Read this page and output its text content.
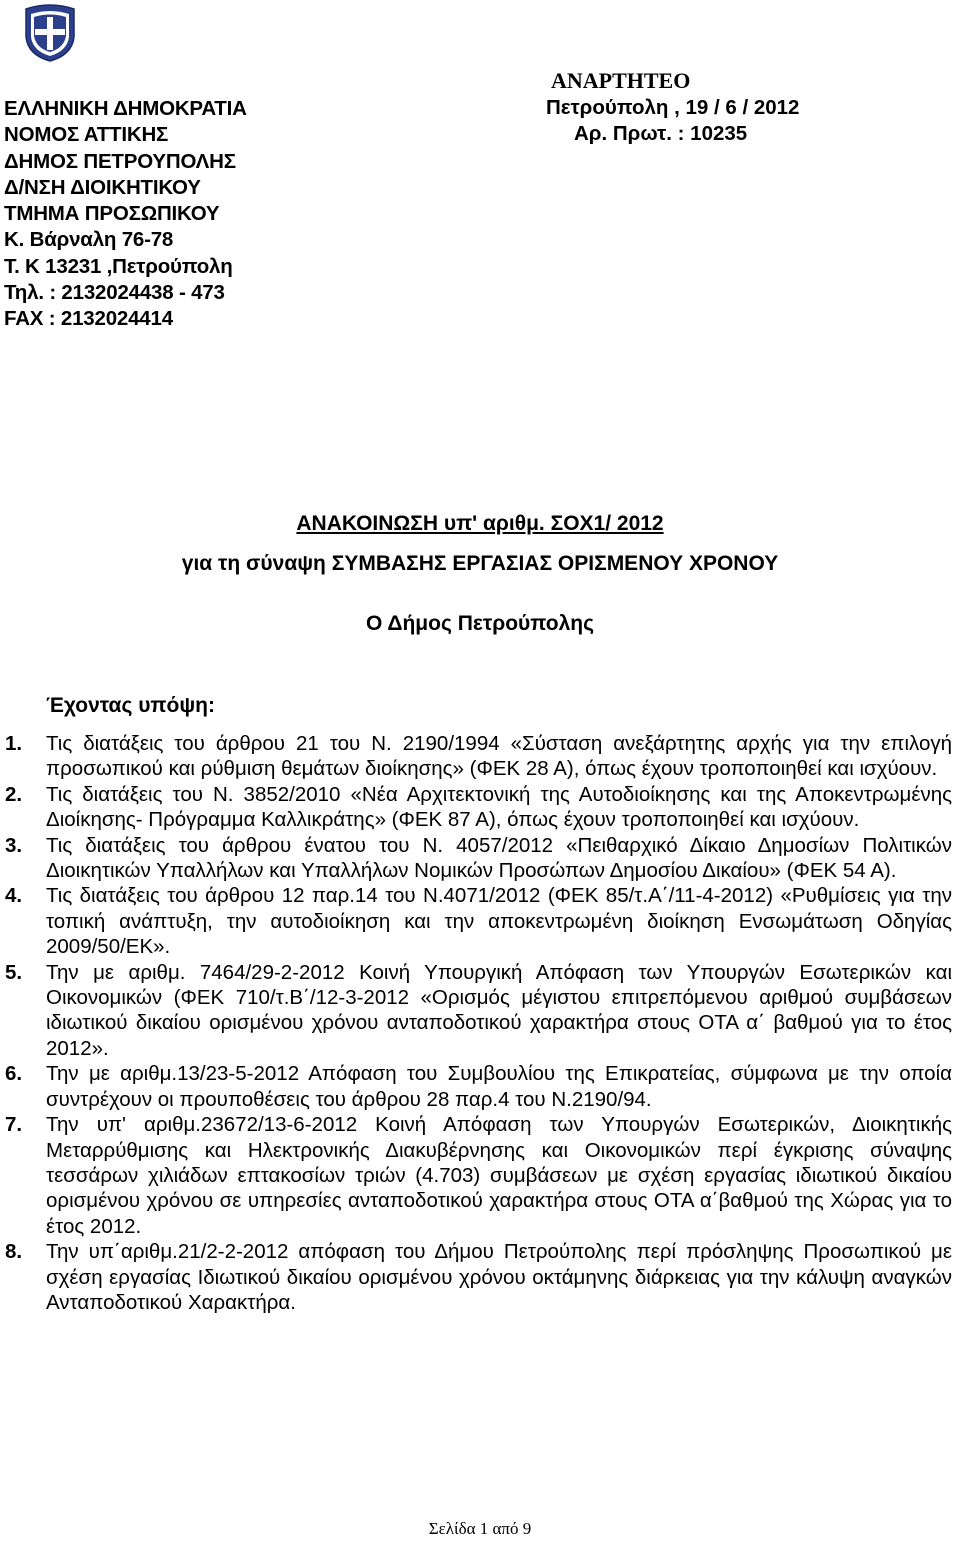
ΕΛΛΗΝΙΚΗ ΔΗΜΟΚΡΑΤΙΑ
ΝΟΜΟΣ ΑΤΤΙΚΗΣ
ΔΗΜΟΣ ΠΕΤΡΟΥΠΟΛΗΣ
Δ/ΝΣΗ ΔΙΟΙΚΗΤΙΚΟΥ
ΤΜΗΜΑ ΠΡΟΣΩΠΙΚΟΥ
Κ. Βάρναλη 76-78
Τ. Κ 13231 ,Πετρούπολη
Τηλ. : 2132024438 - 473
FAX : 2132024414
ΑΝΑΡΤΗΤΕΟ
Πετρούπολη , 19 / 6 / 2012
Αρ. Πρωτ. : 10235
ΑΝΑΚΟΙΝΩΣΗ υπ' αριθμ. ΣΟΧ1/ 2012
για τη σύναψη ΣΥΜΒΑΣΗΣ ΕΡΓΑΣΙΑΣ ΟΡΙΣΜΕΝΟΥ ΧΡΟΝΟΥ
Ο Δήμος Πετρούπολης
Έχοντας υπόψη:
1. Τις διατάξεις του άρθρου 21 του Ν. 2190/1994 «Σύσταση ανεξάρτητης αρχής για την επιλογή προσωπικού και ρύθμιση θεμάτων διοίκησης» (ΦΕΚ 28 Α), όπως έχουν τροποποιηθεί και ισχύουν.
2. Τις διατάξεις του Ν. 3852/2010 «Νέα Αρχιτεκτονική της Αυτοδιοίκησης και της Αποκεντρωμένης Διοίκησης- Πρόγραμμα Καλλικράτης» (ΦΕΚ 87 Α), όπως έχουν τροποποιηθεί και ισχύουν.
3. Τις διατάξεις του άρθρου ένατου του Ν. 4057/2012 «Πειθαρχικό Δίκαιο Δημοσίων Πολιτικών Διοικητικών Υπαλλήλων και Υπαλλήλων Νομικών Προσώπων Δημοσίου Δικαίου» (ΦΕΚ 54 Α).
4. Τις διατάξεις του άρθρου 12 παρ.14 του Ν.4071/2012 (ΦΕΚ 85/τ.Α΄/11-4-2012) «Ρυθμίσεις για την τοπική ανάπτυξη, την αυτοδιοίκηση και την αποκεντρωμένη διοίκηση Ενσωμάτωση Οδηγίας 2009/50/ΕΚ».
5. Την με αριθμ. 7464/29-2-2012 Κοινή Υπουργική Απόφαση των Υπουργών Εσωτερικών και Οικονομικών (ΦΕΚ 710/τ.Β΄/12-3-2012 «Ορισμός μέγιστου επιτρεπόμενου αριθμού συμβάσεων ιδιωτικού δικαίου ορισμένου χρόνου ανταποδοτικού χαρακτήρα στους ΟΤΑ α΄ βαθμού για το έτος 2012».
6. Την με αριθμ.13/23-5-2012 Απόφαση του Συμβουλίου της Επικρατείας, σύμφωνα με την οποία συντρέχουν οι προυποθέσεις του άρθρου 28 παρ.4 του Ν.2190/94.
7. Την υπ' αριθμ.23672/13-6-2012 Κοινή Απόφαση των Υπουργών Εσωτερικών, Διοικητικής Μεταρρύθμισης και Ηλεκτρονικής Διακυβέρνησης και Οικονομικών περί έγκρισης σύναψης τεσσάρων χιλιάδων επτακοσίων τριών (4.703) συμβάσεων με σχέση εργασίας ιδιωτικού δικαίου ορισμένου χρόνου σε υπηρεσίες ανταποδοτικού χαρακτήρα στους ΟΤΑ α΄βαθμού της Χώρας για το έτος 2012.
8. Την υπ΄αριθμ.21/2-2-2012 απόφαση του Δήμου Πετρούπολης περί πρόσληψης Προσωπικού με σχέση εργασίας Ιδιωτικού δικαίου ορισμένου χρόνου οκτάμηνης διάρκειας για την κάλυψη αναγκών Ανταποδοτικού Χαρακτήρα.
Σελίδα 1 από 9
